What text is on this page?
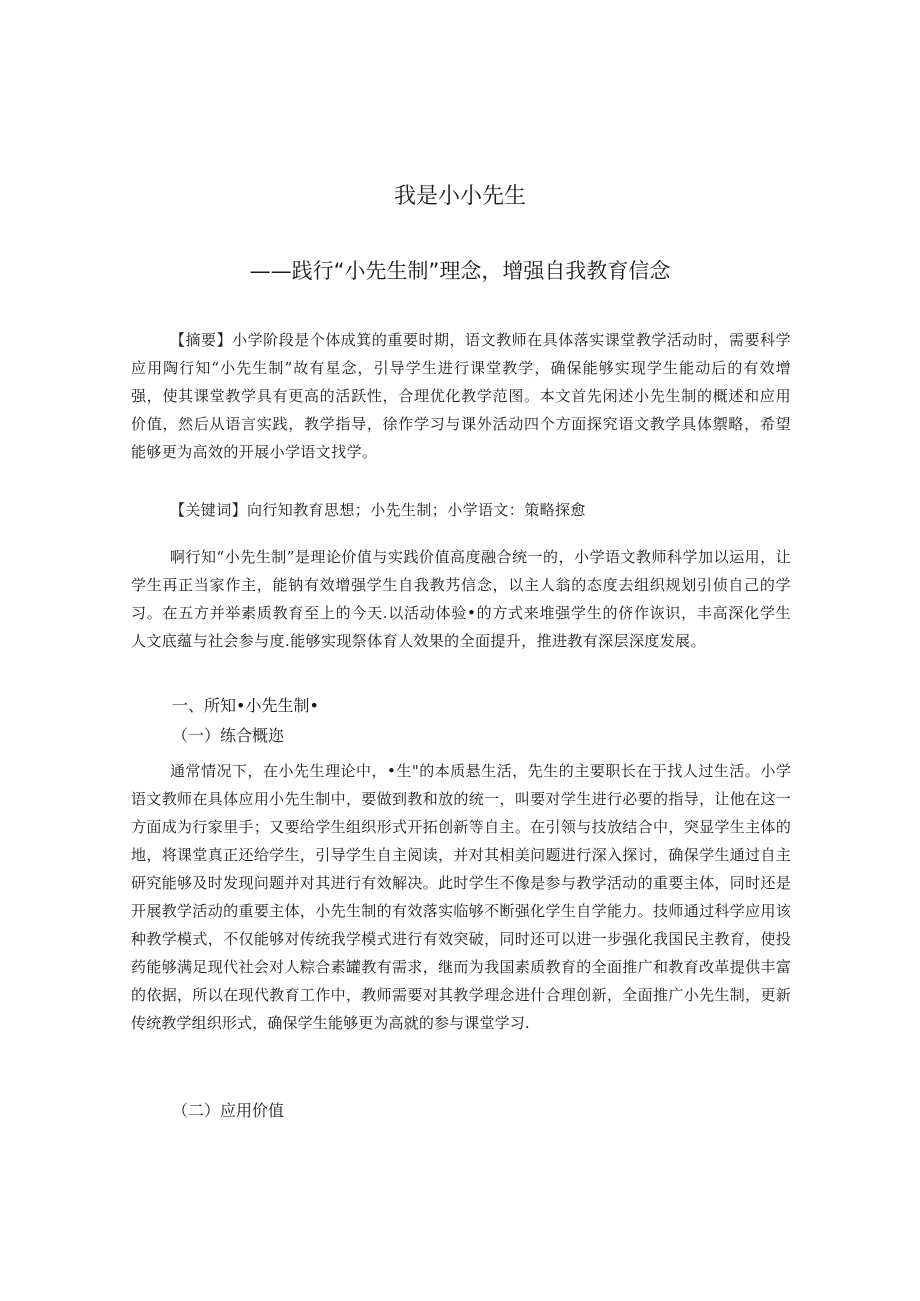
我是小小先生
——践行“小先生制”理念，增强自我教育信念

【摘要】小学阶段是个体成箕的重要时期，语文教师在具体落实课堂教学活动时，需要科学应用陶行知“小先生制”故有星念，引导学生进行课堂教学，确保能够实现学生能动后的有效增强，使其课堂教学具有更高的活跃性，合理优化教学范图。本文首先闲述小先生制的概述和应用价值，然后从语言实践，教学指导，徐作学习与课外活动四个方面探究语文教学具体禦略，希望能够更为高效的开展小学语文找学。

【关键词】向行知教育思想；小先生制；小学语文：策略探愈

啊行知“小先生制”是理论价值与实践价值高度融合统一的，小学语文教师科学加以运用，让学生再正当家作主，能钠有效增强学生自我教艿信念，以主人翁的态度去组织规划引侦自己的学习。在五方并举素质教育至上的今天.以活动体验•的方式来堆强学生的侪作诙识，丰高深化学生人文底蕴与社会参与度.能够实现祭体育人效果的全面提升，推进教有深层深度发展。

一、所知•小先生制•
（一）练合概迩

通常情况下，在小先生理论中，•生"的本质悬生活，先生的主要职长在于找人过生活。小学语文教师在具体应用小先生制中，要做到教和放的统一，叫要对学生进行必要的指导，让他在这一方面成为行家里手；又要给学生组织形式开拓创新等自主。在引领与技放结合中，突显学生主体的地，将课堂真正还给学生，引导学生自主阅读，并对其相美问题进行深入探讨，确保学生通过自主研究能够及时发现问题并对其进行有效解决。此时学生不像是参与教学活动的重要主体，同时还是开展教学活动的重要主体，小先生制的有效落实临够不断强化学生自学能力。技师通过科学应用该种教学模式，不仅能够对传统我学模式进行有效突破，同时还可以进一步强化我国民主教育，使投药能够满足现代社会对人粽合素罐教有需求，继而为我国素质教育的全面推广和教育改革提供丰富的依据，所以在现代教育工作中，教师需要对其教学理念进什合理创新，全面推广小先生制，更新传统教学组织形式，确保学生能够更为高就的参与课堂学习.

（二）应用价值
